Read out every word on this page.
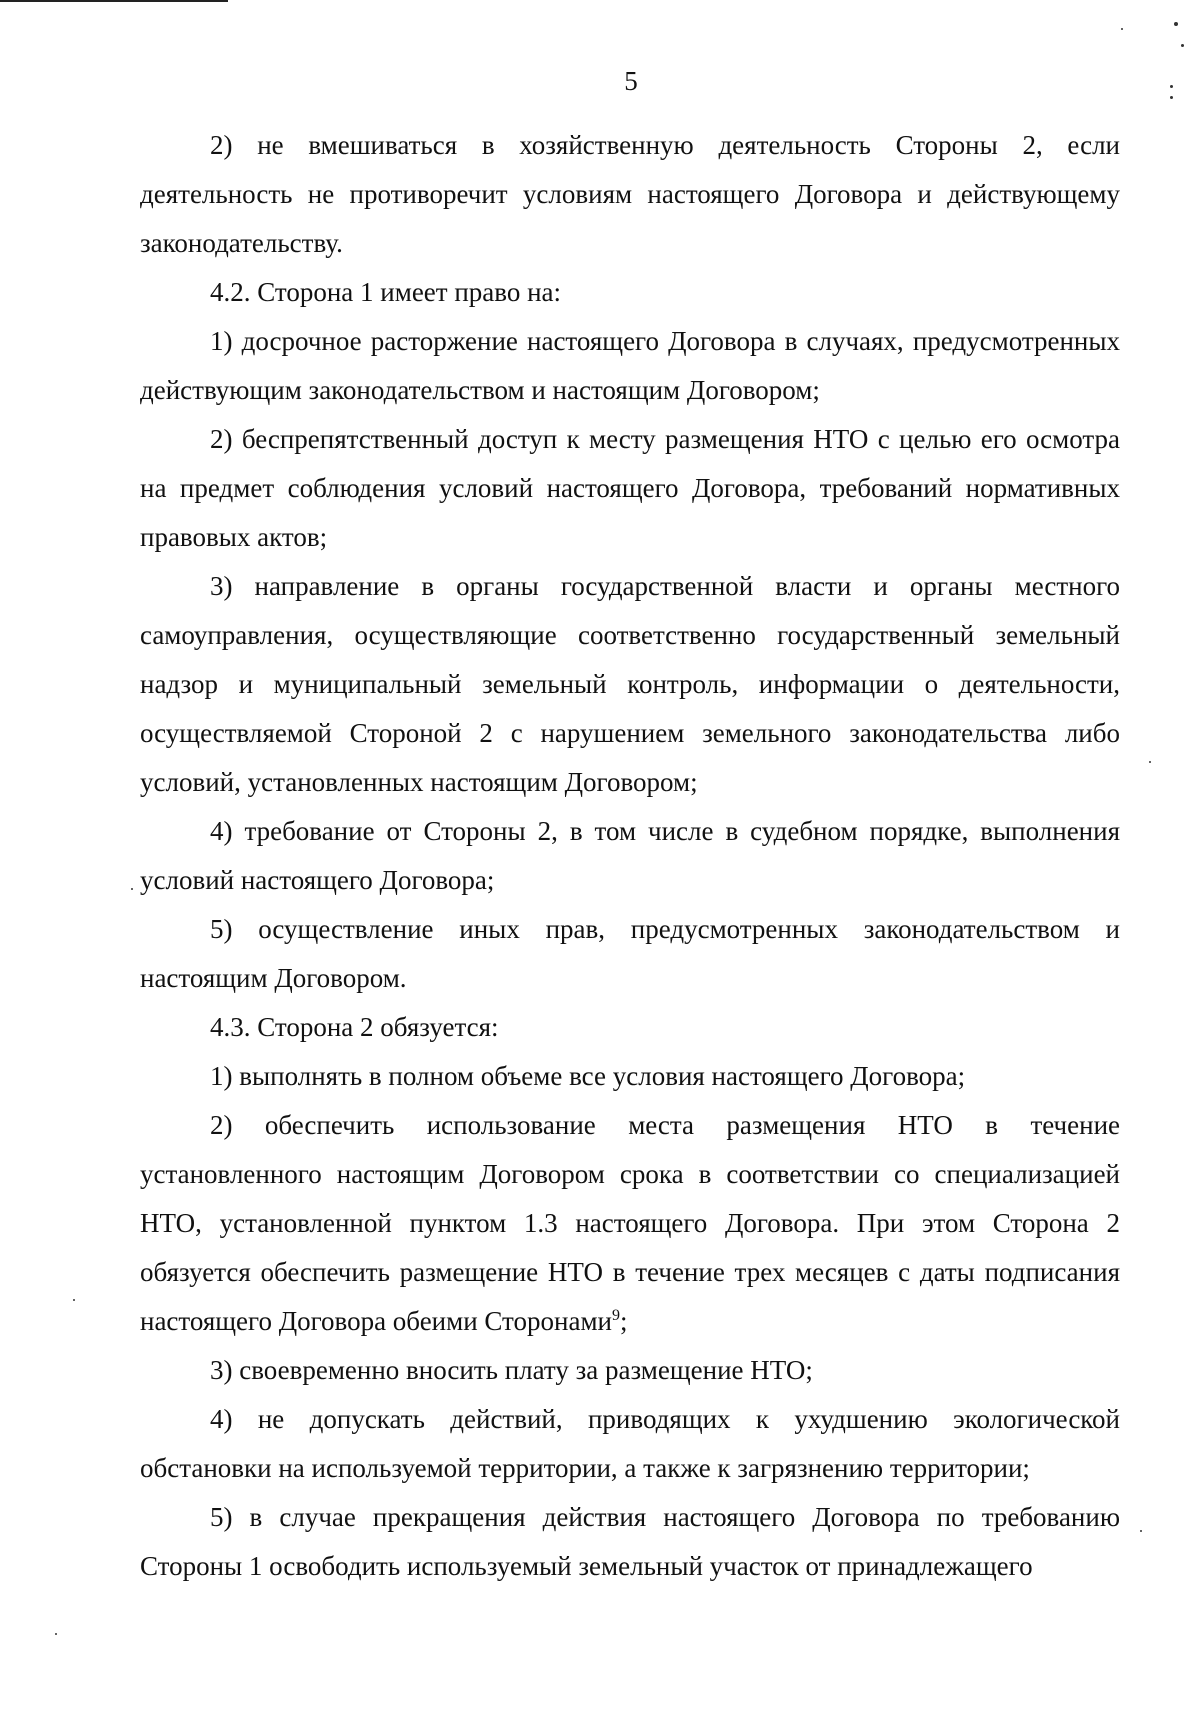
5

2) не вмешиваться в хозяйственную деятельность Стороны 2, если деятельность не противоречит условиям настоящего Договора и действующему законодательству.

4.2. Сторона 1 имеет право на:

1) досрочное расторжение настоящего Договора в случаях, предусмотренных действующим законодательством и настоящим Договором;

2) беспрепятственный доступ к месту размещения НТО с целью его осмотра на предмет соблюдения условий настоящего Договора, требований нормативных правовых актов;

3) направление в органы государственной власти и органы местного самоуправления, осуществляющие соответственно государственный земельный надзор и муниципальный земельный контроль, информации о деятельности, осуществляемой Стороной 2 с нарушением земельного законодательства либо условий, установленных настоящим Договором;

4) требование от Стороны 2, в том числе в судебном порядке, выполнения условий настоящего Договора;

5) осуществление иных прав, предусмотренных законодательством и настоящим Договором.

4.3. Сторона 2 обязуется:

1) выполнять в полном объеме все условия настоящего Договора;

2) обеспечить использование места размещения НТО в течение установленного настоящим Договором срока в соответствии со специализацией НТО, установленной пунктом 1.3 настоящего Договора. При этом Сторона 2 обязуется обеспечить размещение НТО в течение трех месяцев с даты подписания настоящего Договора обеими Сторонами$^9$;

3) своевременно вносить плату за размещение НТО;

4) не допускать действий, приводящих к ухудшению экологической обстановки на используемой территории, а также к загрязнению территории;

5) в случае прекращения действия настоящего Договора по требованию Стороны 1 освободить используемый земельный участок от принадлежащего
